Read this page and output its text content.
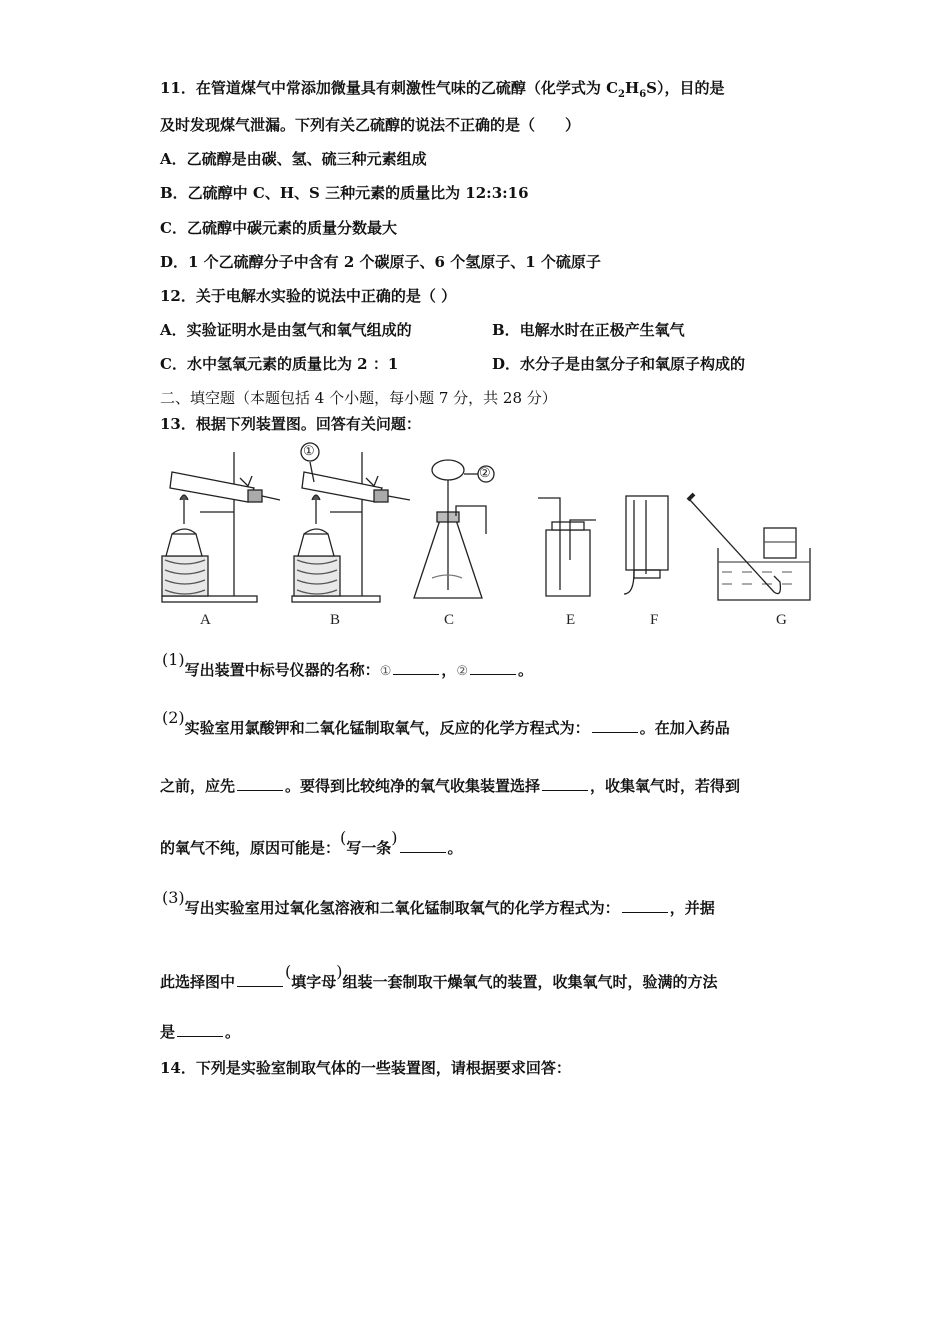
11．在管道煤气中常添加微量具有刺激性气味的乙硫醇（化学式为 $C_2H_6S$），目的是
及时发现煤气泄漏。下列有关乙硫醇的说法不正确的是（　　）
A．乙硫醇是由碳、氢、硫三种元素组成
B．乙硫醇中 C、H、S 三种元素的质量比为 12:3:16
C．乙硫醇中碳元素的质量分数最大
D．1 个乙硫醇分子中含有 2 个碳原子、6 个氢原子、1 个硫原子
12．关于电解水实验的说法中正确的是（ ）
A．实验证明水是由氢气和氧气组成的	B．电解水时在正极产生氧气
C．水中氢氧元素的质量比为 2 ：1	D．水分子是由氢分子和氧原子构成的
二、填空题（本题包括 4 个小题，每小题 7 分，共 28 分）
13．根据下列装置图。回答有关问题：
A	B	C	E	F	G
①
②
(1)写出装置中标号仪器的名称：①	，②	。
(2)实验室用氯酸钾和二氧化锰制取氧气，反应的化学方程式为：	。在加入药品
之前，应先	。要得到比较纯净的氧气收集装置选择	，收集氧气时，若得到
的氧气不纯，原因可能是：(写一条)。
(3)写出实验室用过氧化氢溶液和二氧化锰制取氧气的化学方程式为：	，并据
此选择图中(填字母)组装一套制取干燥氧气的装置，收集氧气时，验满的方法
是	。
14．下列是实验室制取气体的一些装置图，请根据要求回答：
